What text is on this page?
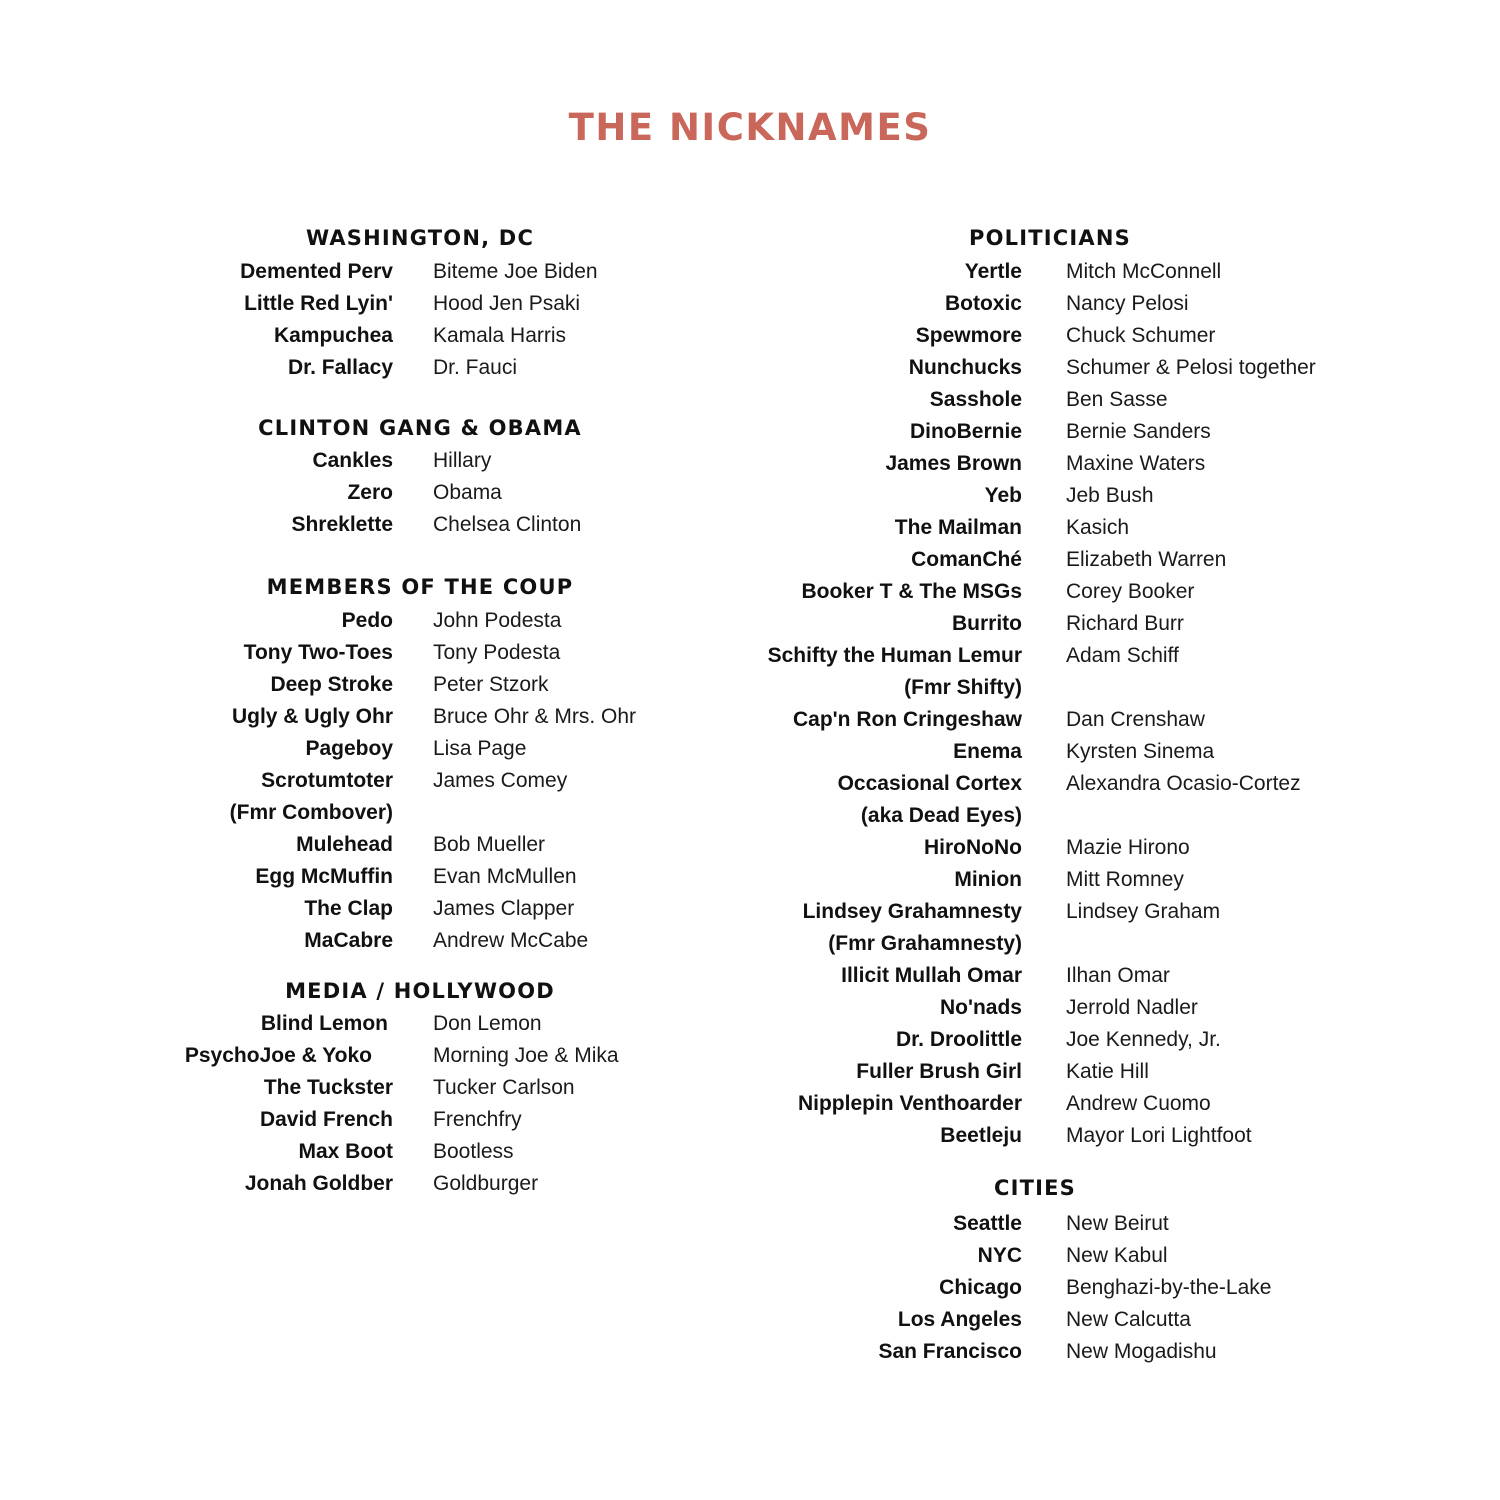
THE NICKNAMES
WASHINGTON, DC
Demented Perv Biteme Joe Biden
Little Red Lyin' Hood Jen Psaki
Kampuchea Kamala Harris
Dr. Fallacy Dr. Fauci
CLINTON GANG & OBAMA
Cankles Hillary
Zero Obama
Shreklette Chelsea Clinton
MEMBERS OF THE COUP
Pedo John Podesta
Tony Two-Toes Tony Podesta
Deep Stroke Peter Stzork
Ugly & Ugly Ohr Bruce Ohr & Mrs. Ohr
Pageboy Lisa Page
Scrotumtoter James Comey
(Fmr Combover)
Mulehead Bob Mueller
Egg McMuffin Evan McMullen
The Clap James Clapper
MaCabre Andrew McCabe
MEDIA / HOLLYWOOD
Blind Lemon Don Lemon
PsychoJoe & Yoko	Morning Joe & Mika
The Tuckster Tucker Carlson
David French Frenchfry
Max Boot Bootless
Jonah Goldber Goldburger
POLITICIANS
Yertle Mitch McConnell
Botoxic Nancy Pelosi
Spewmore Chuck Schumer
Nunchucks Schumer & Pelosi together
Sasshole Ben Sasse
DinoBernie Bernie Sanders
James Brown Maxine Waters
Yeb Jeb Bush
The Mailman Kasich
ComanChé Elizabeth Warren
Booker T & The MSGs Corey Booker
Burrito Richard Burr
Schifty the Human Lemur Adam Schiff
(Fmr Shifty)
Cap'n Ron Cringeshaw Dan Crenshaw
Enema Kyrsten Sinema
Occasional Cortex Alexandra Ocasio-Cortez
(aka Dead Eyes)
HiroNoNo Mazie Hirono
Minion Mitt Romney
Lindsey Grahamnesty Lindsey Graham
(Fmr Grahamnesty)
Illicit Mullah Omar Ilhan Omar
No'nads Jerrold Nadler
Dr. Droolittle Joe Kennedy, Jr.
Fuller Brush Girl Katie Hill
Nipplepin Venthoarder Andrew Cuomo
Beetleju Mayor Lori Lightfoot
CITIES
Seattle New Beirut
NYC New Kabul
Chicago Benghazi-by-the-Lake
Los Angeles New Calcutta
San Francisco New Mogadishu
